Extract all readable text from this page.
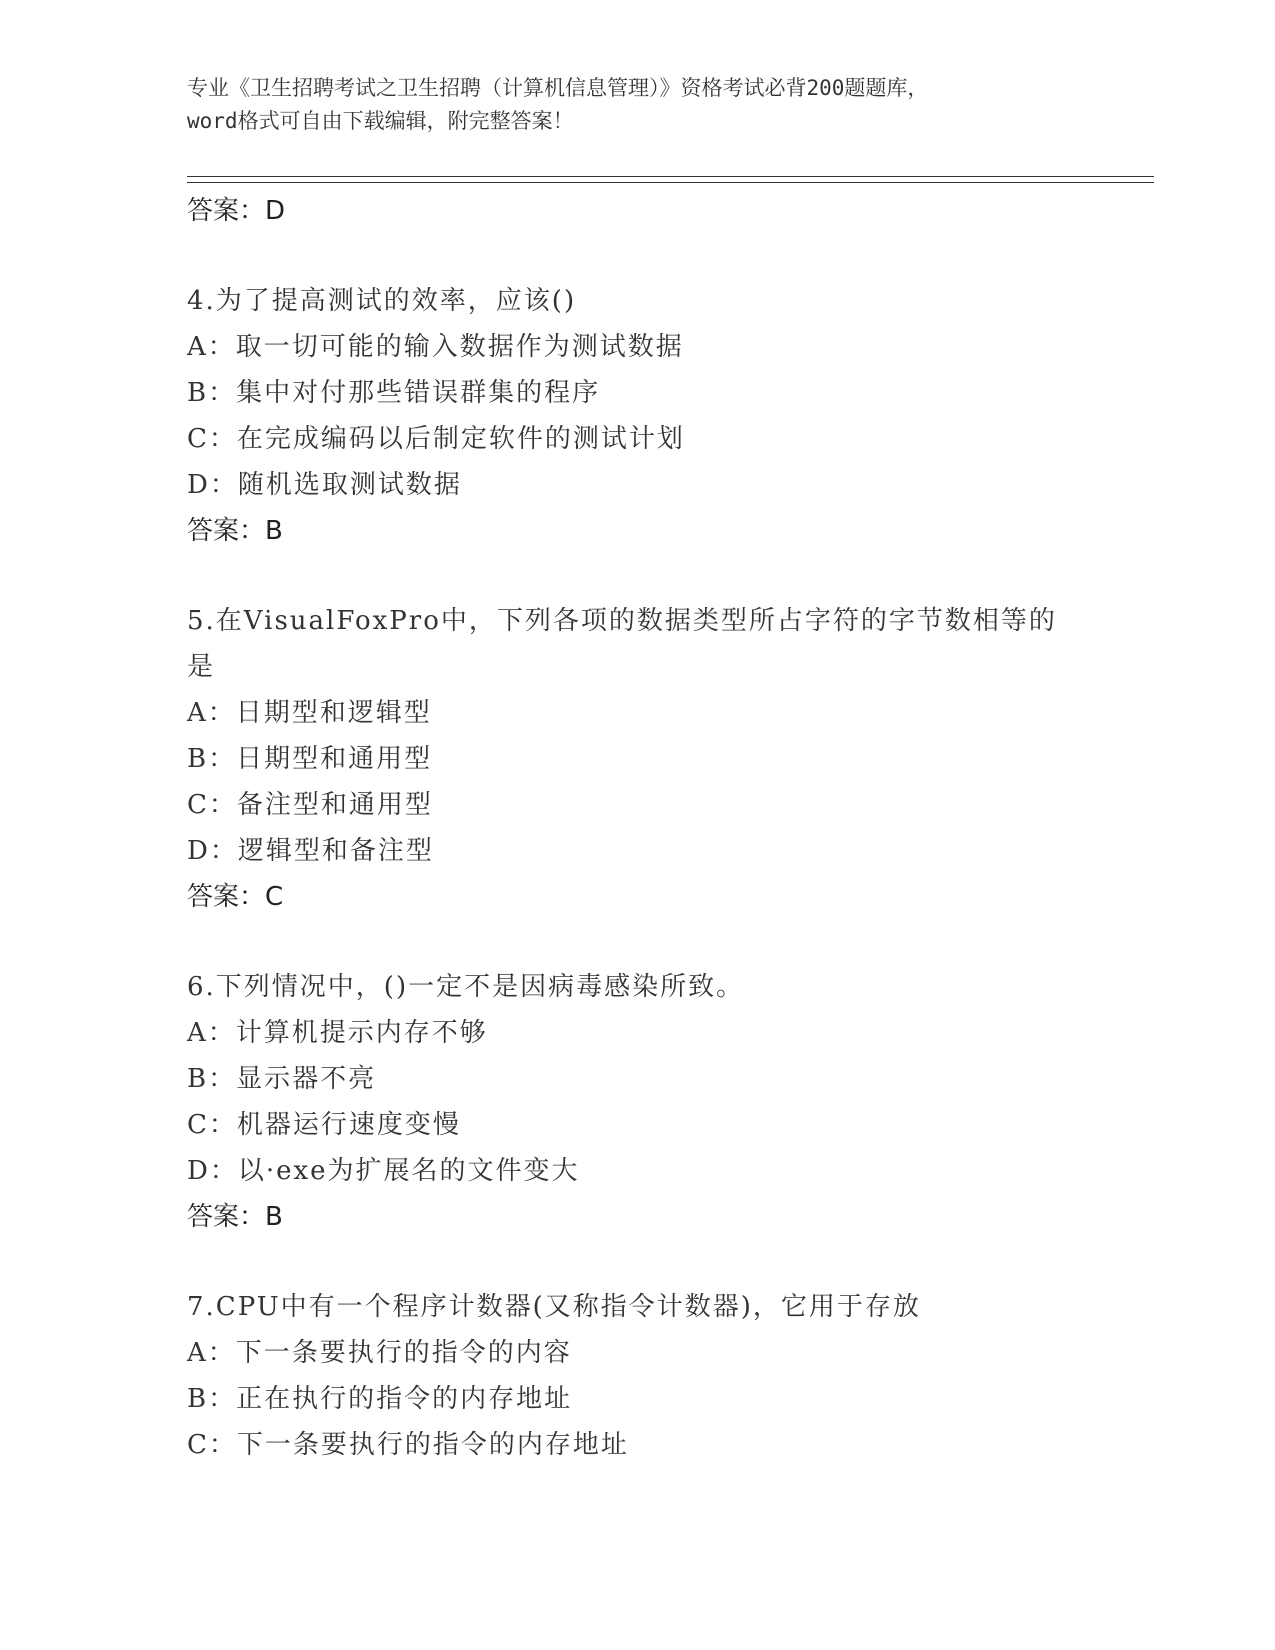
专业《卫生招聘考试之卫生招聘（计算机信息管理）》资格考试必背200题题库，
word格式可自由下载编辑，附完整答案！
答案：D
4.为了提高测试的效率，应该()
A：取一切可能的输入数据作为测试数据
B：集中对付那些错误群集的程序
C：在完成编码以后制定软件的测试计划
D：随机选取测试数据
答案：B
5.在VisualFoxPro中，下列各项的数据类型所占字符的字节数相等的
是
A：日期型和逻辑型
B：日期型和通用型
C：备注型和通用型
D：逻辑型和备注型
答案：C
6.下列情况中，()一定不是因病毒感染所致。
A：计算机提示内存不够
B：显示器不亮
C：机器运行速度变慢
D：以·exe为扩展名的文件变大
答案：B
7.CPU中有一个程序计数器(又称指令计数器)，它用于存放
A：下一条要执行的指令的内容
B：正在执行的指令的内存地址
C：下一条要执行的指令的内存地址
